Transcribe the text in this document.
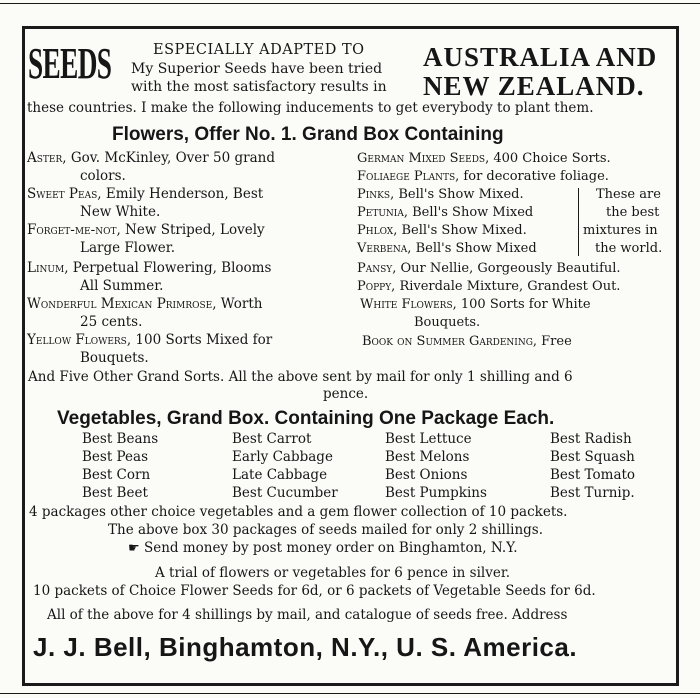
SEEDS	ESPECIALLY ADAPTED TO
My Superior Seeds have been tried
with the most satisfactory results in
AUSTRALIA AND
NEW ZEALAND.
these countries. I make the following inducements to get everybody to plant them.
Flowers, Offer No. 1. Grand Box Containing
Aster, Gov. McKinley, Over 50 grand
colors.
Sweet Peas, Emily Henderson, Best
New White.
Forget-me-not, New Striped, Lovely
Large Flower.
Linum, Perpetual Flowering, Blooms
All Summer.
Wonderful Mexican Primrose, Worth
25 cents.
Yellow Flowers, 100 Sorts Mixed for
Bouquets.
German Mixed Seeds, 400 Choice Sorts.
Foliaege Plants, for decorative foliage.
Pinks, Bell's Show Mixed.
Petunia, Bell's Show Mixed
Phlox, Bell's Show Mixed.
Verbena, Bell's Show Mixed
These are
the best
mixtures in
the world.
Pansy, Our Nellie, Gorgeously Beautiful.
Poppy, Riverdale Mixture, Grandest Out.
White Flowers, 100 Sorts for White
Bouquets.
Book on Summer Gardening, Free
And Five Other Grand Sorts. All the above sent by mail for only 1 shilling and 6
pence.
Vegetables, Grand Box. Containing One Package Each.
Best Beans
Best Peas
Best Corn
Best Beet
Best Carrot
Early Cabbage
Late Cabbage
Best Cucumber
Best Lettuce
Best Melons
Best Onions
Best Pumpkins
Best Radish
Best Squash
Best Tomato
Best Turnip.
4 packages other choice vegetables and a gem flower collection of 10 packets.
The above box 30 packages of seeds mailed for only 2 shillings.
☛ Send money by post money order on Binghamton, N.Y.
A trial of flowers or vegetables for 6 pence in silver.
10 packets of Choice Flower Seeds for 6d, or 6 packets of Vegetable Seeds for 6d.
All of the above for 4 shillings by mail, and catalogue of seeds free. Address
J. J. Bell, Binghamton, N.Y., U. S. America.
